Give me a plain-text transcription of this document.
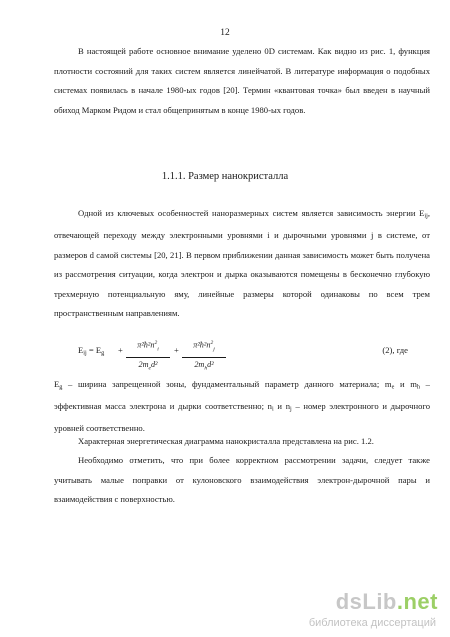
12

В настоящей работе основное внимание уделено 0D системам. Как видно из рис. 1, функция плотности состояний для таких систем является линейчатой. В литературе информация о подобных системах появилась в начале 1980-ых годов [20]. Термин «квантовая точка» был введен в научный обиход Марком Ридом и стал общепринятым в конце 1980-ых годов.

1.1.1. Размер нанокристалла

Одной из ключевых особенностей наноразмерных систем является зависимость энергии $E_{ij}$, отвечающей переходу между электронными уровнями i и дырочными уровнями j в системе, от размеров d самой системы [20, 21]. В первом приближении данная зависимость может быть получена из рассмотрения ситуации, когда электрон и дырка оказываются помещены в бесконечно глубокую трехмерную потенциальную яму, линейные размеры которой одинаковы по всем трем пространственным направлениям.

$E_{ij} = E_g$ +	$\pi^2ħ^2n^2_i$
$2m_ed^2$
+	$\pi^2ħ^2n^2_j$
$2m_hd^2$
(2), где

$E_g$ – ширина запрещенной зоны, фундаментальный параметр данного материала; $m_e$ и $m_h$ – эффективная масса электрона и дырки соответственно; $n_i$ и $n_j$ – номер электронного и дырочного уровней соответственно.

Характерная энергетическая диаграмма нанокристалла представлена на рис. 1.2.

Необходимо отметить, что при более корректном рассмотрении задачи, следует также учитывать малые поправки от кулоновского взаимодействия электрон-дырочной пары и взаимодействия с поверхностью.

dsLib.net
библиотека диссертаций
